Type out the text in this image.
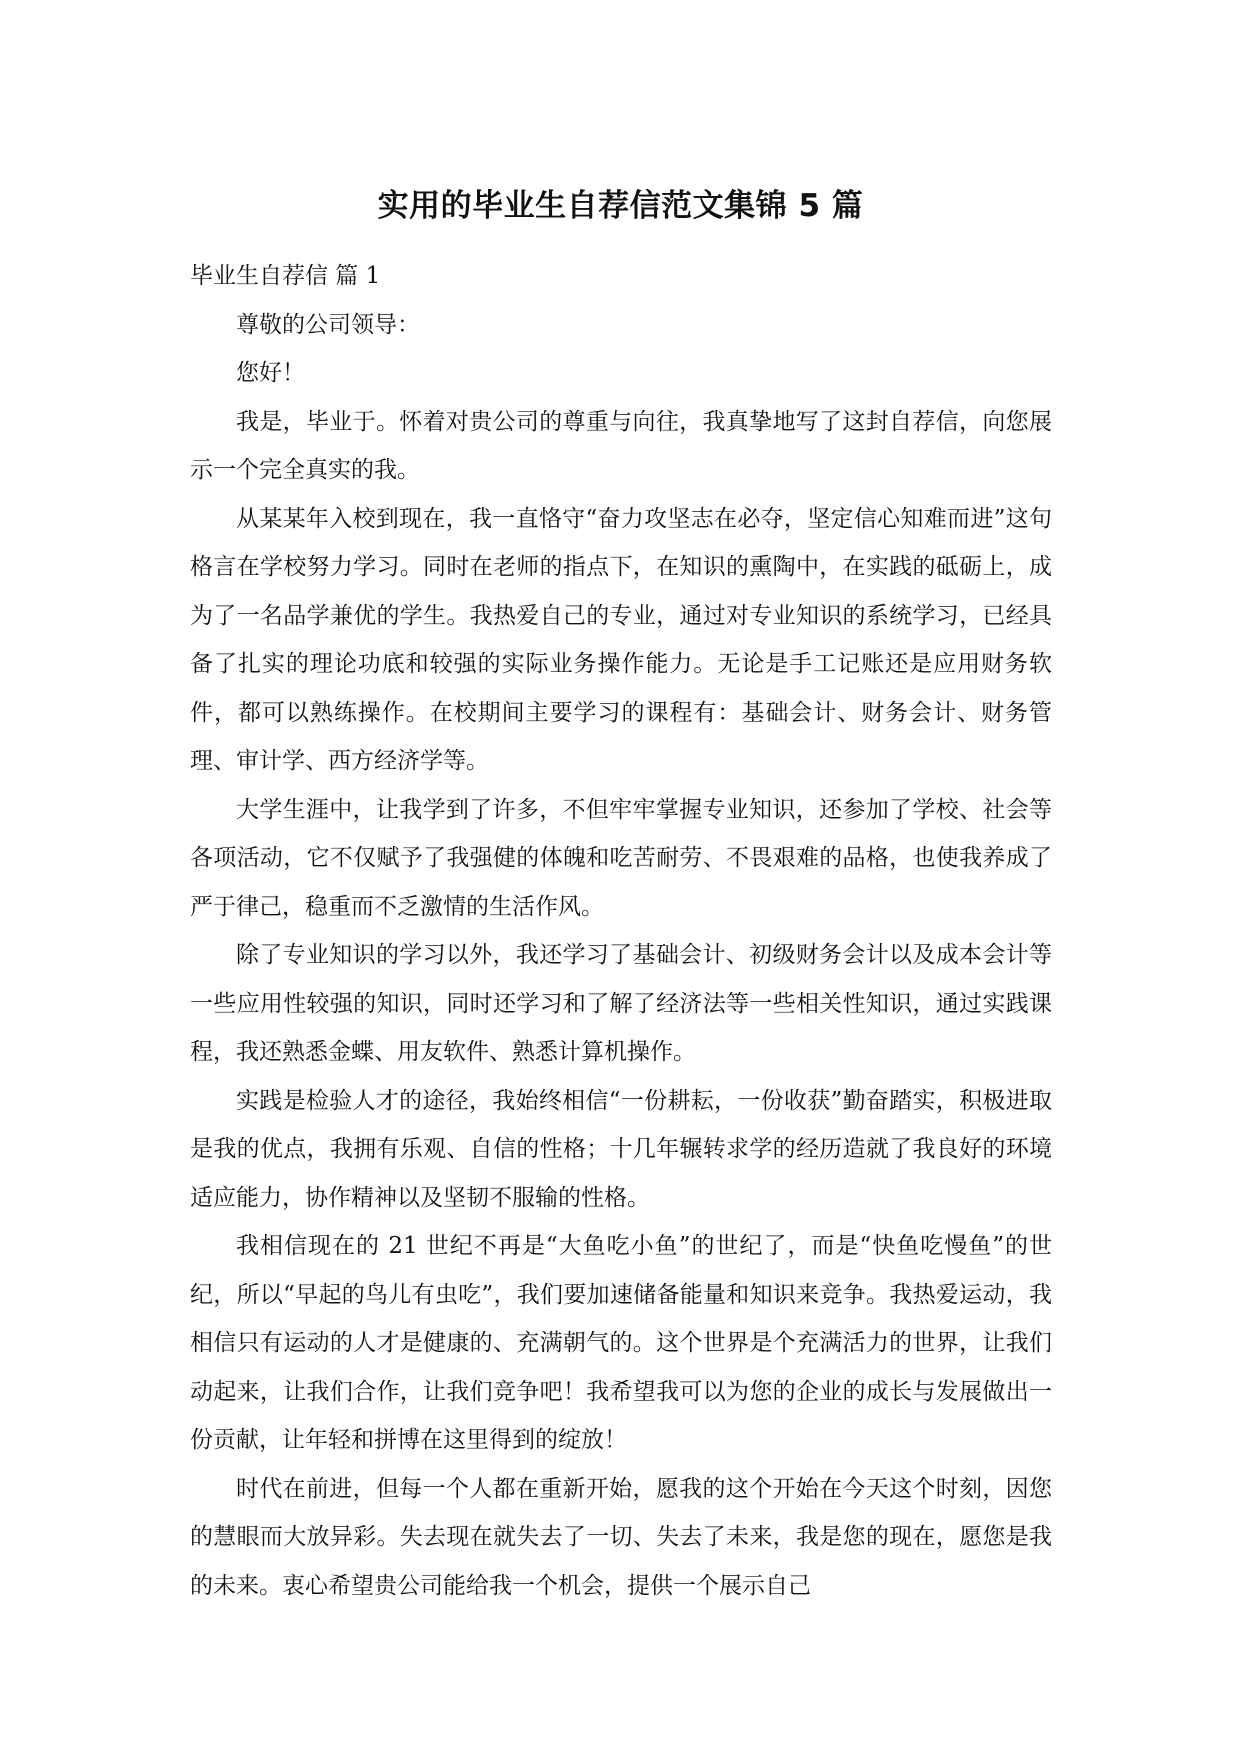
实用的毕业生自荐信范文集锦 5 篇

毕业生自荐信 篇 1

尊敬的公司领导：

您好！

我是，毕业于。怀着对贵公司的尊重与向往，我真挚地写了这封自荐信，向您展示一个完全真实的我。

从某某年入校到现在，我一直恪守“奋力攻坚志在必夺，坚定信心知难而进”这句格言在学校努力学习。同时在老师的指点下，在知识的熏陶中，在实践的砥砺上，成为了一名品学兼优的学生。我热爱自己的专业，通过对专业知识的系统学习，已经具备了扎实的理论功底和较强的实际业务操作能力。无论是手工记账还是应用财务软件，都可以熟练操作。在校期间主要学习的课程有：基础会计、财务会计、财务管理、审计学、西方经济学等。

大学生涯中，让我学到了许多，不但牢牢掌握专业知识，还参加了学校、社会等各项活动，它不仅赋予了我强健的体魄和吃苦耐劳、不畏艰难的品格，也使我养成了严于律己，稳重而不乏激情的生活作风。

除了专业知识的学习以外，我还学习了基础会计、初级财务会计以及成本会计等一些应用性较强的知识，同时还学习和了解了经济法等一些相关性知识，通过实践课程，我还熟悉金蝶、用友软件、熟悉计算机操作。

实践是检验人才的途径，我始终相信“一份耕耘，一份收获”勤奋踏实，积极进取是我的优点，我拥有乐观、自信的性格；十几年辗转求学的经历造就了我良好的环境适应能力，协作精神以及坚韧不服输的性格。

我相信现在的 21 世纪不再是“大鱼吃小鱼”的世纪了，而是“快鱼吃慢鱼”的世纪，所以“早起的鸟儿有虫吃”，我们要加速储备能量和知识来竞争。我热爱运动，我相信只有运动的人才是健康的、充满朝气的。这个世界是个充满活力的世界，让我们动起来，让我们合作，让我们竞争吧！我希望我可以为您的企业的成长与发展做出一份贡献，让年轻和拼博在这里得到的绽放！

时代在前进，但每一个人都在重新开始，愿我的这个开始在今天这个时刻，因您的慧眼而大放异彩。失去现在就失去了一切、失去了未来，我是您的现在，愿您是我的未来。衷心希望贵公司能给我一个机会，提供一个展示自己
